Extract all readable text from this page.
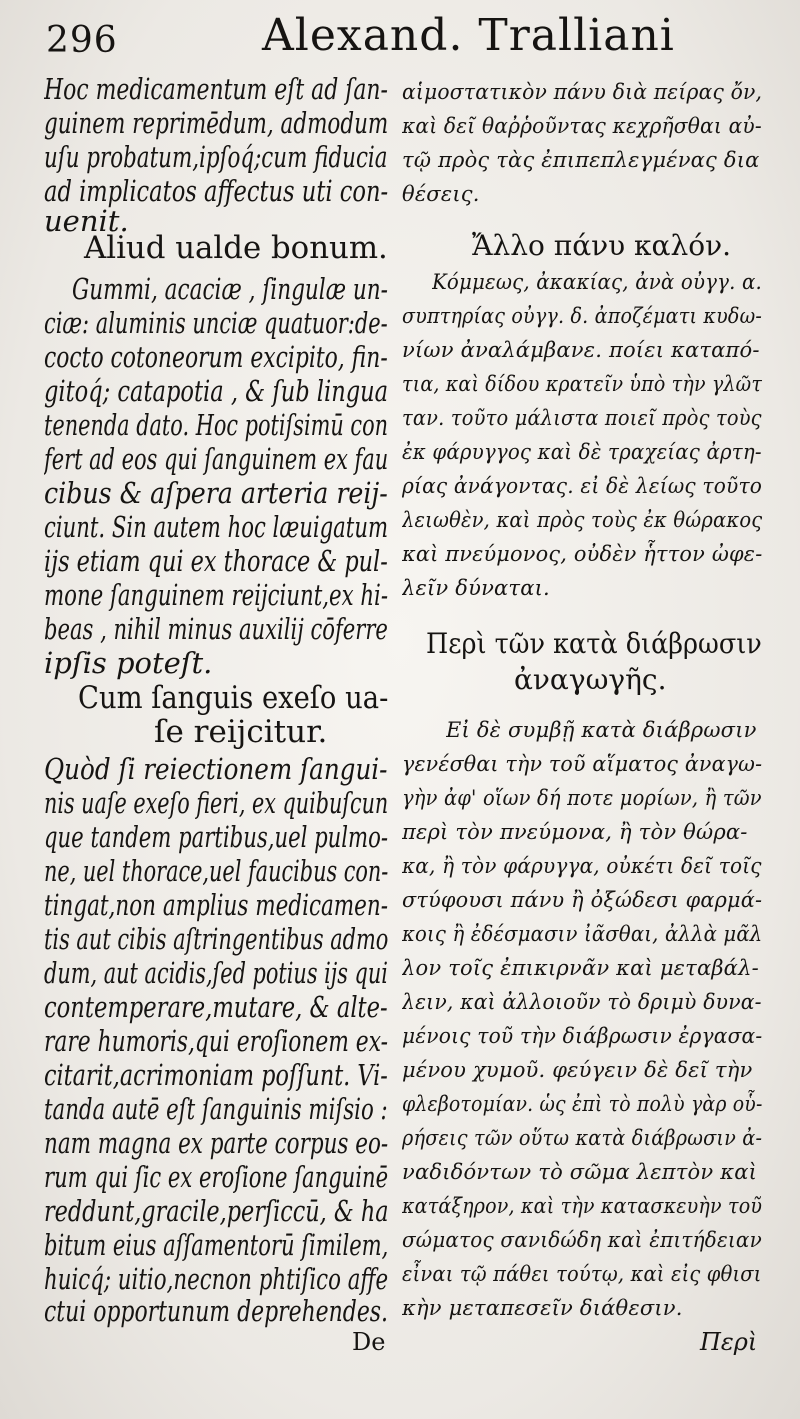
296	Alexand. Tralliani
Hoc medicamentum eſt ad ſan-
guinem reprimēdum, admodum
uſu probatum,ipſoq́;cum fiducia
ad implicatos affectus uti con-
uenit.
Aliud ualde bonum.
Gummi, acaciæ , ſingulæ un-
ciæ: aluminis unciæ quatuor:de-
cocto cotoneorum excipito, fin-
gitoq́; catapotia , & ſub lingua
tenenda dato. Hoc potiſsimū con
fert ad eos qui ſanguinem ex fau
cibus & aſpera arteria reij-
ciunt. Sin autem hoc læuigatum
ijs etiam qui ex thorace & pul-
mone ſanguinem reijciunt,ex hi-
beas , nihil minus auxilij cōferre
ipſis poteſt.
Cum ſanguis exeſo ua-
ſe reijcitur.
Quòd ſi reiectionem ſangui-
nis uaſe exeſo fieri, ex quibuſcun
que tandem partibus,uel pulmo-
ne, uel thorace,uel faucibus con-
tingat,non amplius medicamen-
tis aut cibis aſtringentibus admo
dum, aut acidis,ſed potius ijs qui
contemperare,mutare, & alte-
rare humoris,qui eroſionem ex-
citarit,acrimoniam poſſunt. Vi-
tanda autē eſt ſanguinis miſsio :
nam magna ex parte corpus eo-
rum qui ſic ex eroſione ſanguinē
reddunt,gracile,perſiccū, & ha
bitum eius aſſamentorū ſimilem,
huicq́; uitio,necnon phtiſico affe
ctui opportunum deprehendes.
αἱμοστατικὸν πάνυ διὰ πείρας ὄν,
καὶ δεῖ θαῤῥοῦντας κεχρῆσθαι αὐ-
τῷ πρὸς τὰς ἐπιπεπλεγμένας δια
θέσεις.
Ἄλλο πάνυ καλόν.
Κόμμεως, ἀκακίας, ἀνὰ οὐγγ. α.
συπτηρίας οὐγγ. δ. ἀποζέματι κυδω-
νίων ἀναλάμβανε. ποίει καταπό-
τια, καὶ δίδου κρατεῖν ὑπὸ τὴν γλῶτ
ταν. τοῦτο μάλιστα ποιεῖ πρὸς τοὺς
ἐκ φάρυγγος καὶ δὲ τραχείας ἀρτη-
ρίας ἀνάγοντας. εἰ δὲ λείως τοῦτο
λειωθὲν, καὶ πρὸς τοὺς ἐκ θώρακος
καὶ πνεύμονος, οὐδὲν ἧττον ὠφε-
λεῖν δύναται.
Περὶ τῶν κατὰ διάβρωσιν
ἀναγωγῆς.
Εἰ δὲ συμβῇ κατὰ διάβρωσιν
γενέσθαι τὴν τοῦ αἵματος ἀναγω-
γὴν ἀφ' οἵων δή ποτε μορίων, ἢ τῶν
περὶ τὸν πνεύμονα, ἢ τὸν θώρα-
κα, ἢ τὸν φάρυγγα, οὐκέτι δεῖ τοῖς
στύφουσι πάνυ ἢ ὀξώδεσι φαρμά-
κοις ἢ ἐδέσμασιν ἰᾶσθαι, ἀλλὰ μᾶλ
λον τοῖς ἐπικιρνᾶν καὶ μεταβάλ-
λειν, καὶ ἀλλοιοῦν τὸ δριμὺ δυνα-
μένοις τοῦ τὴν διάβρωσιν ἐργασα-
μένου χυμοῦ. φεύγειν δὲ δεῖ τὴν
φλεβοτομίαν. ὡς ἐπὶ τὸ πολὺ γὰρ οὗ-
ρήσεις τῶν οὕτω κατὰ διάβρωσιν ἀ-
ναδιδόντων τὸ σῶμα λεπτὸν καὶ
κατάξηρον, καὶ τὴν κατασκευὴν τοῦ
σώματος σανιδώδη καὶ ἐπιτήδειαν
εἶναι τῷ πάθει τούτῳ, καὶ εἰς φθισι
κὴν μεταπεσεῖν διάθεσιν.
De	Περὶ
